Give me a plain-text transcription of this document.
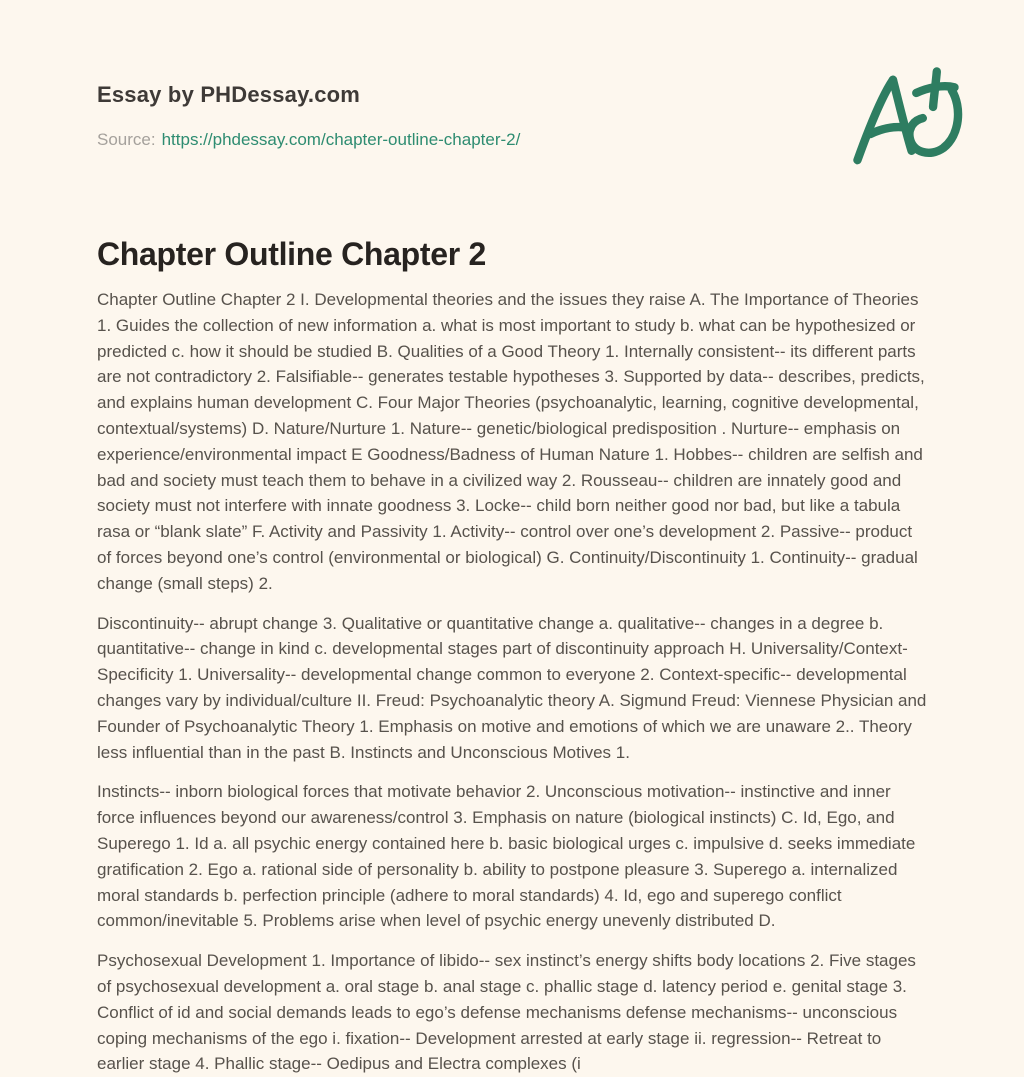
Essay by PHDessay.com

Source: https://phdessay.com/chapter-outline-chapter-2/

Chapter Outline Chapter 2

Chapter Outline Chapter 2 I. Developmental theories and the issues they raise A. The Importance of Theories 1. Guides the collection of new information a. what is most important to study b. what can be hypothesized or predicted c. how it should be studied B. Qualities of a Good Theory 1. Internally consistent-- its different parts are not contradictory 2. Falsifiable-- generates testable hypotheses 3. Supported by data-- describes, predicts, and explains human development C. Four Major Theories (psychoanalytic, learning, cognitive developmental, contextual/systems) D. Nature/Nurture 1. Nature-- genetic/biological predisposition . Nurture-- emphasis on experience/environmental impact E Goodness/Badness of Human Nature 1. Hobbes-- children are selfish and bad and society must teach them to behave in a civilized way 2. Rousseau-- children are innately good and society must not interfere with innate goodness 3. Locke-- child born neither good nor bad, but like a tabula rasa or “blank slate” F. Activity and Passivity 1. Activity-- control over one’s development 2. Passive-- product of forces beyond one’s control (environmental or biological) G. Continuity/Discontinuity 1. Continuity-- gradual change (small steps) 2.

Discontinuity-- abrupt change 3. Qualitative or quantitative change a. qualitative-- changes in a degree b. quantitative-- change in kind c. developmental stages part of discontinuity approach H. Universality/Context-Specificity 1. Universality-- developmental change common to everyone 2. Context-specific-- developmental changes vary by individual/culture II. Freud: Psychoanalytic theory A. Sigmund Freud: Viennese Physician and Founder of Psychoanalytic Theory 1. Emphasis on motive and emotions of which we are unaware 2.. Theory less influential than in the past B. Instincts and Unconscious Motives 1.

Instincts-- inborn biological forces that motivate behavior 2. Unconscious motivation-- instinctive and inner force influences beyond our awareness/control 3. Emphasis on nature (biological instincts) C. Id, Ego, and Superego 1. Id a. all psychic energy contained here b. basic biological urges c. impulsive d. seeks immediate gratification 2. Ego a. rational side of personality b. ability to postpone pleasure 3. Superego a. internalized moral standards b. perfection principle (adhere to moral standards) 4. Id, ego and superego conflict common/inevitable 5. Problems arise when level of psychic energy unevenly distributed D.

Psychosexual Development 1. Importance of libido-- sex instinct’s energy shifts body locations 2. Five stages of psychosexual development a. oral stage b. anal stage c. phallic stage d. latency period e. genital stage 3. Conflict of id and social demands leads to ego’s defense mechanisms defense mechanisms-- unconscious coping mechanisms of the ego i. fixation-- Development arrested at early stage ii. regression-- Retreat to earlier stage 4. Phallic stage-- Oedipus and Electra complexes (i
